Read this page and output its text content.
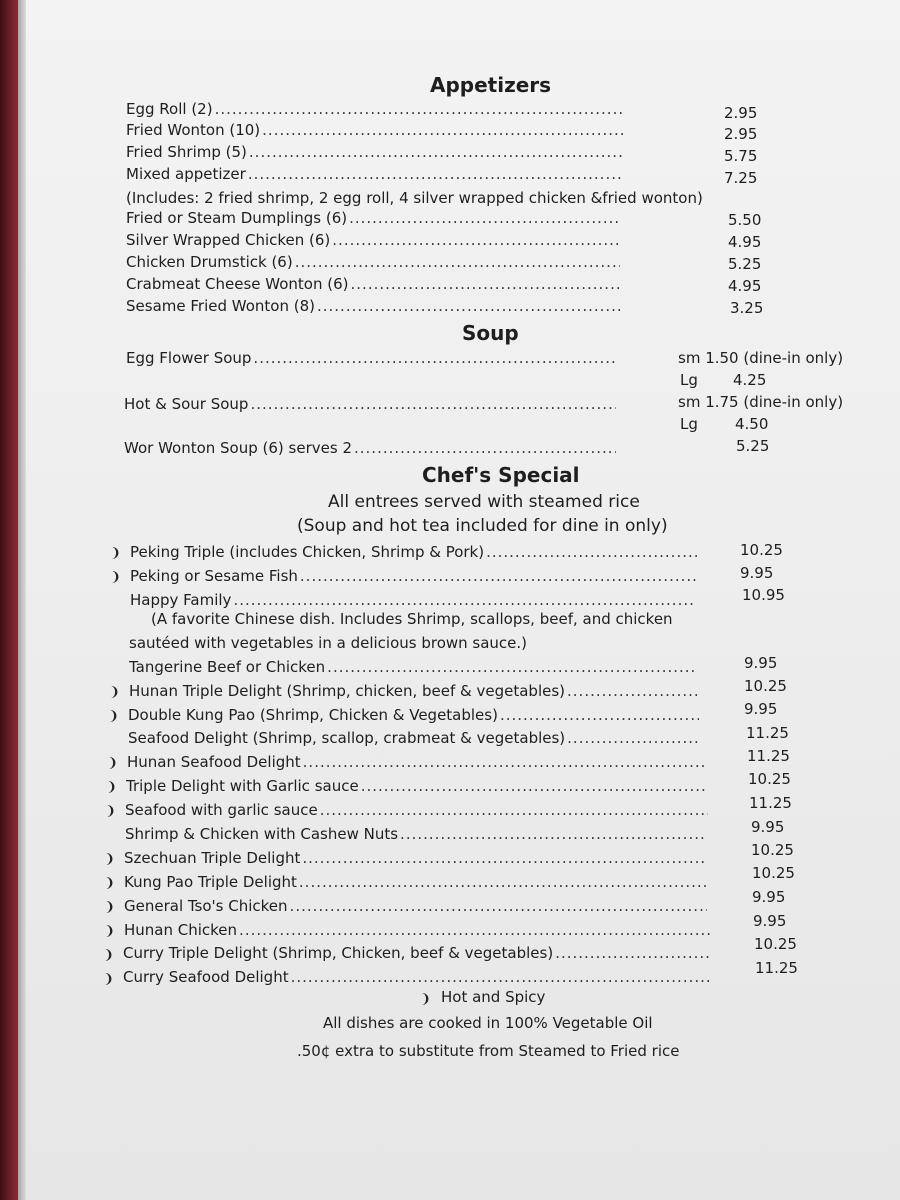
Appetizers
Egg Roll (2) .....	2.95
Fried Wonton (10) .....	2.95
Fried Shrimp (5) .....	5.75
Mixed appetizer .....	7.25
(Includes: 2 fried shrimp, 2 egg roll, 4 silver wrapped chicken &fried wonton)
Fried or Steam Dumplings (6) .....	5.50
Silver Wrapped Chicken (6) .....	4.95
Chicken Drumstick (6) .....	5.25
Crabmeat Cheese Wonton (6) .....	4.95
Sesame Fried Wonton (8) .....	3.25
Soup
Egg Flower Soup .....	sm 1.50 (dine-in only)
Lg 4.25
Hot & Sour Soup .....	sm 1.75 (dine-in only)
Lg 4.50
Wor Wonton Soup (6) serves 2 .....	5.25
Chef's Special
All entrees served with steamed rice
(Soup and hot tea included for dine in only)
❩ Peking Triple (includes Chicken, Shrimp & Pork) .....	10.25
❩ Peking or Sesame Fish .....	9.95
Happy Family .....	10.95
(A favorite Chinese dish. Includes Shrimp, scallops, beef, and chicken
sautéed with vegetables in a delicious brown sauce.)
Tangerine Beef or Chicken .....	9.95
❩ Hunan Triple Delight (Shrimp, chicken, beef & vegetables) .....	10.25
❩ Double Kung Pao (Shrimp, Chicken & Vegetables) .....	9.95
Seafood Delight (Shrimp, scallop, crabmeat & vegetables) .....	11.25
❩ Hunan Seafood Delight .....	11.25
❩ Triple Delight with Garlic sauce .....	10.25
❩ Seafood with garlic sauce .....	11.25
Shrimp & Chicken with Cashew Nuts .....	9.95
❩ Szechuan Triple Delight .....	10.25
❩ Kung Pao Triple Delight .....	10.25
❩ General Tso's Chicken .....	9.95
❩ Hunan Chicken .....	9.95
❩ Curry Triple Delight (Shrimp, Chicken, beef & vegetables) .....	10.25
❩ Curry Seafood Delight .....	11.25
❩ Hot and Spicy
All dishes are cooked in 100% Vegetable Oil
.50¢ extra to substitute from Steamed to Fried rice
